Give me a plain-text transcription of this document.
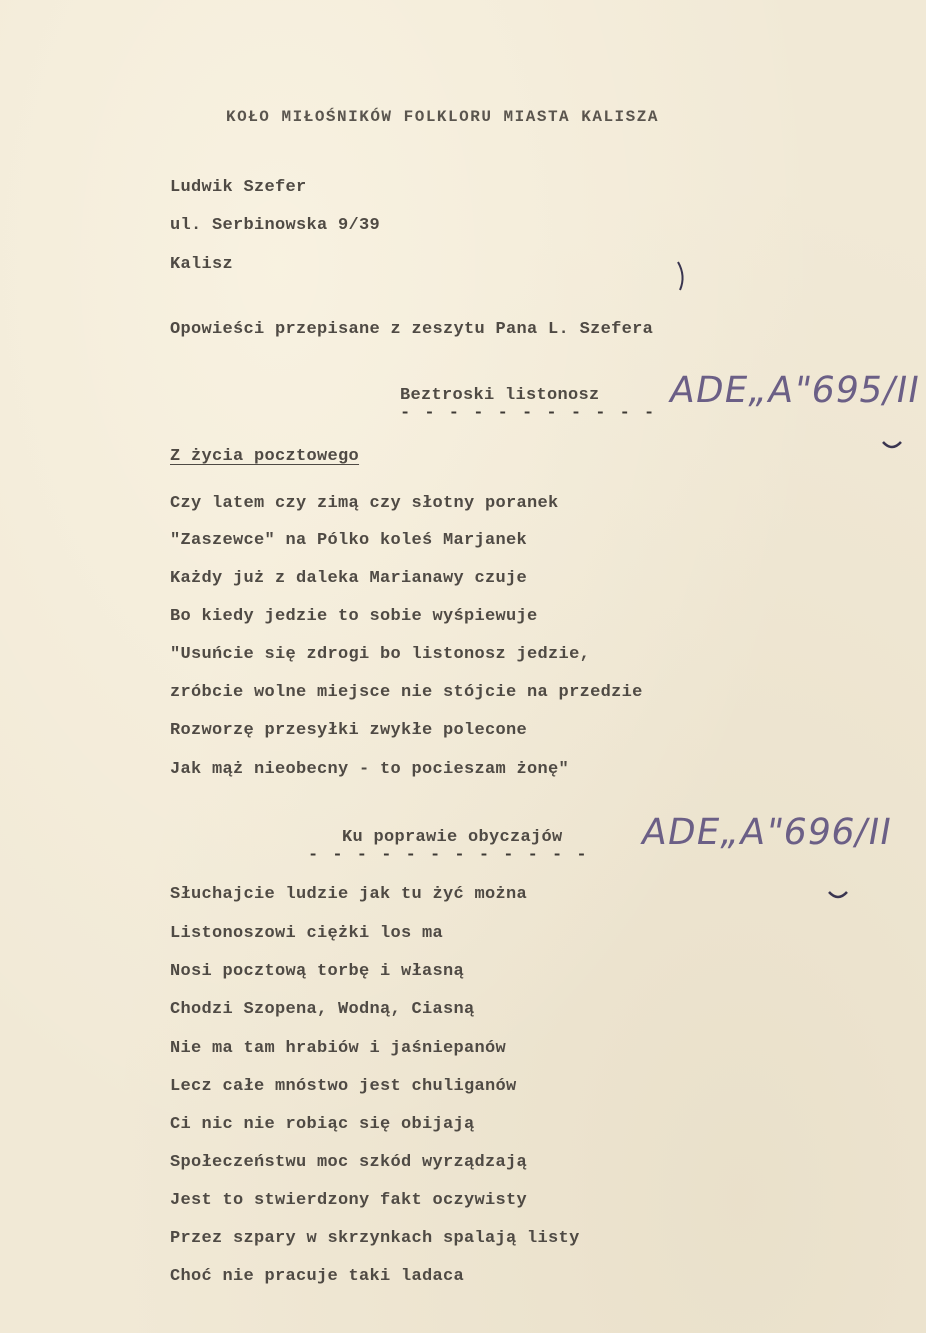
KOŁO MIŁOŚNIKÓW FOLKLORU MIASTA KALISZA
Ludwik Szefer
ul. Serbinowska 9/39
Kalisz
Opowieści przepisane z zeszytu Pana L. Szefera
Beztroski listonosz
- - - - - - - - - - -
ADE„A"695/II
Z życia pocztowego
Czy latem czy zimą czy słotny poranek
"Zaszewce" na Pólko koleś Marjanek
Każdy już z daleka Marianawy czuje
Bo kiedy jedzie to sobie wyśpiewuje
"Usuńcie się zdrogi bo listonosz jedzie,
zróbcie wolne miejsce nie stójcie na przedzie
Rozworzę przesyłki zwykłe polecone
Jak mąż nieobecny - to pocieszam żonę"
Ku poprawie obyczajów
- - - - - - - - - - - -
ADE„A"696/II
Słuchajcie ludzie jak tu żyć można
Listonoszowi ciężki los ma
Nosi pocztową torbę i własną
Chodzi Szopena, Wodną, Ciasną
Nie ma tam hrabiów i jaśniepanów
Lecz całe mnóstwo jest chuliganów
Ci nic nie robiąc się obijają
Społeczeństwu moc szkód wyrządzają
Jest to stwierdzony fakt oczywisty
Przez szpary w skrzynkach spalają listy
Choć nie pracuje taki ladaca
